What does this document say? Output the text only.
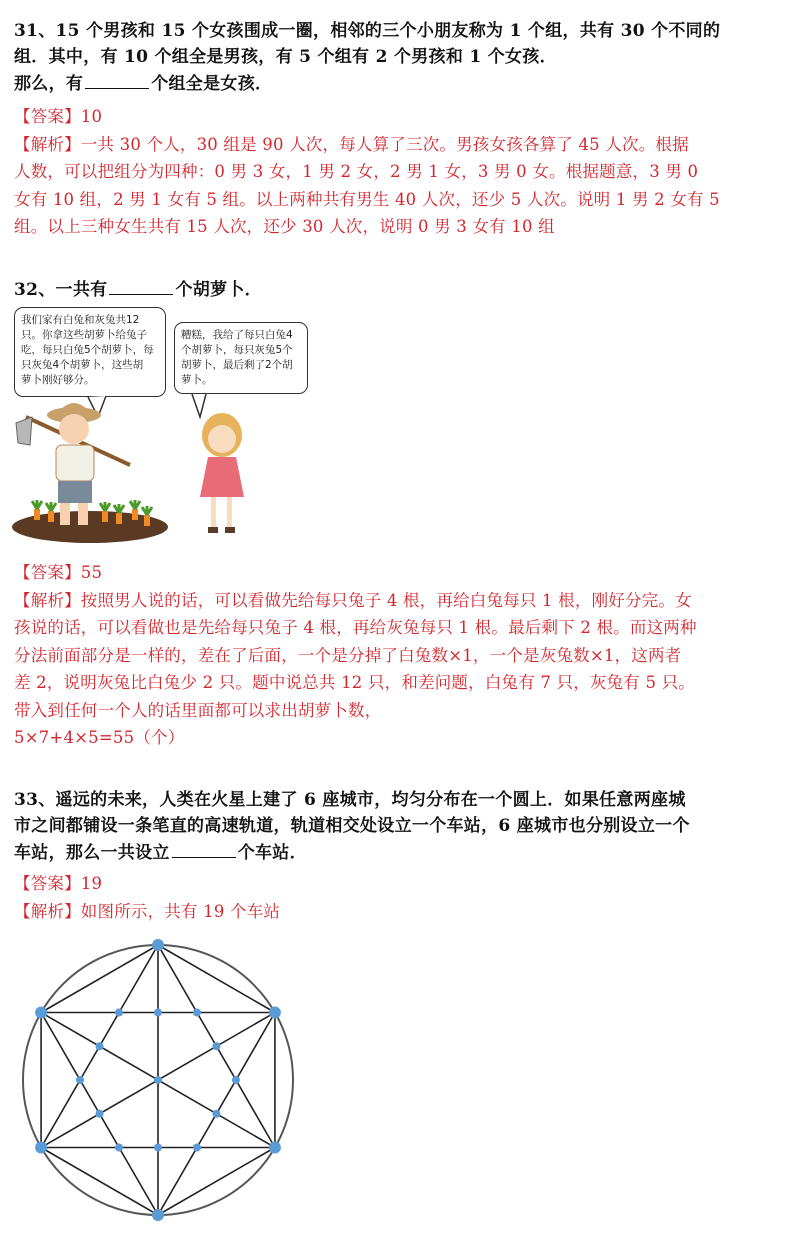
31、15 个男孩和 15 个女孩围成一圈，相邻的三个小朋友称为 1 个组，共有 30 个不同的
组．其中，有 10 个组全是男孩，有 5 个组有 2 个男孩和 1 个女孩．
那么，有	个组全是女孩．
【答案】10
【解析】一共 30 个人，30 组是 90 人次，每人算了三次。男孩女孩各算了 45 人次。根据
人数，可以把组分为四种：0 男 3 女，1 男 2 女，2 男 1 女，3 男 0 女。根据题意，3 男 0
女有 10 组，2 男 1 女有 5 组。以上两种共有男生 40 人次，还少 5 人次。说明 1 男 2 女有 5
组。以上三种女生共有 15 人次，还少 30 人次，说明 0 男 3 女有 10 组
32、一共有	个胡萝卜．
我们家有白兔和灰兔共12
只。你拿这些胡萝卜给兔子
吃，每只白兔5个胡萝卜，每
只灰兔4个胡萝卜，这些胡
萝卜刚好够分。
糟糕，我给了每只白兔4
个胡萝卜，每只灰兔5个
胡萝卜，最后剩了2个胡
萝卜。
【答案】55
【解析】按照男人说的话，可以看做先给每只兔子 4 根，再给白兔每只 1 根，刚好分完。女
孩说的话，可以看做也是先给每只兔子 4 根，再给灰兔每只 1 根。最后剩下 2 根。而这两种
分法前面部分是一样的，差在了后面，一个是分掉了白兔数×1，一个是灰兔数×1，这两者
差 2，说明灰兔比白兔少 2 只。题中说总共 12 只，和差问题，白兔有 7 只，灰兔有 5 只。
带入到任何一个人的话里面都可以求出胡萝卜数，
5×7+4×5=55（个）
33、遥远的未来，人类在火星上建了 6 座城市，均匀分布在一个圆上．如果任意两座城
市之间都铺设一条笔直的高速轨道，轨道相交处设立一个车站，6 座城市也分别设立一个
车站，那么一共设立	个车站．
【答案】19
【解析】如图所示，共有 19 个车站
